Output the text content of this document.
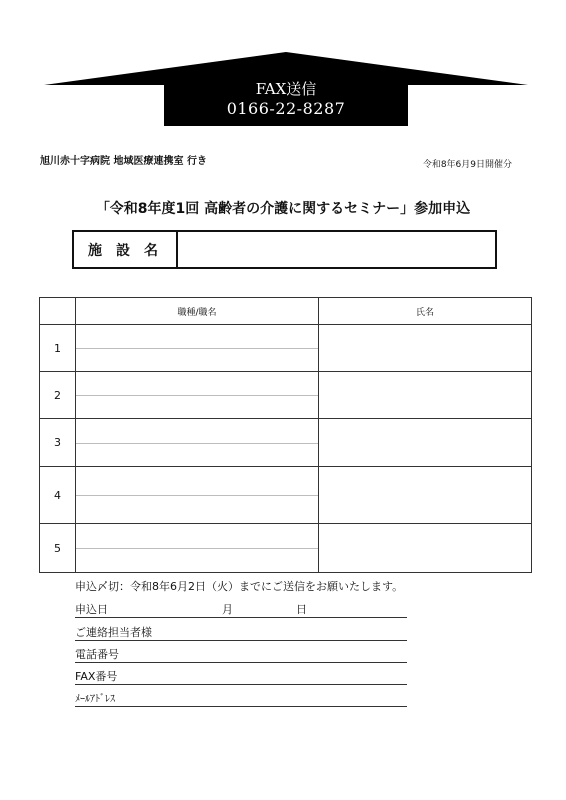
FAX送信
0166-22-8287
旭川赤十字病院 地域医療連携室 行き	令和8年6月9日開催分
「令和8年度1回 高齢者の介護に関するセミナー」参加申込
施設名
職種/職名	氏名
1
2
3
4
5
申込〆切：令和8年6月2日（火）までにご送信をお願いたします。
申込日	月	日
ご連絡担当者様
電話番号
FAX番号
ﾒｰﾙｱﾄﾞﾚｽ
